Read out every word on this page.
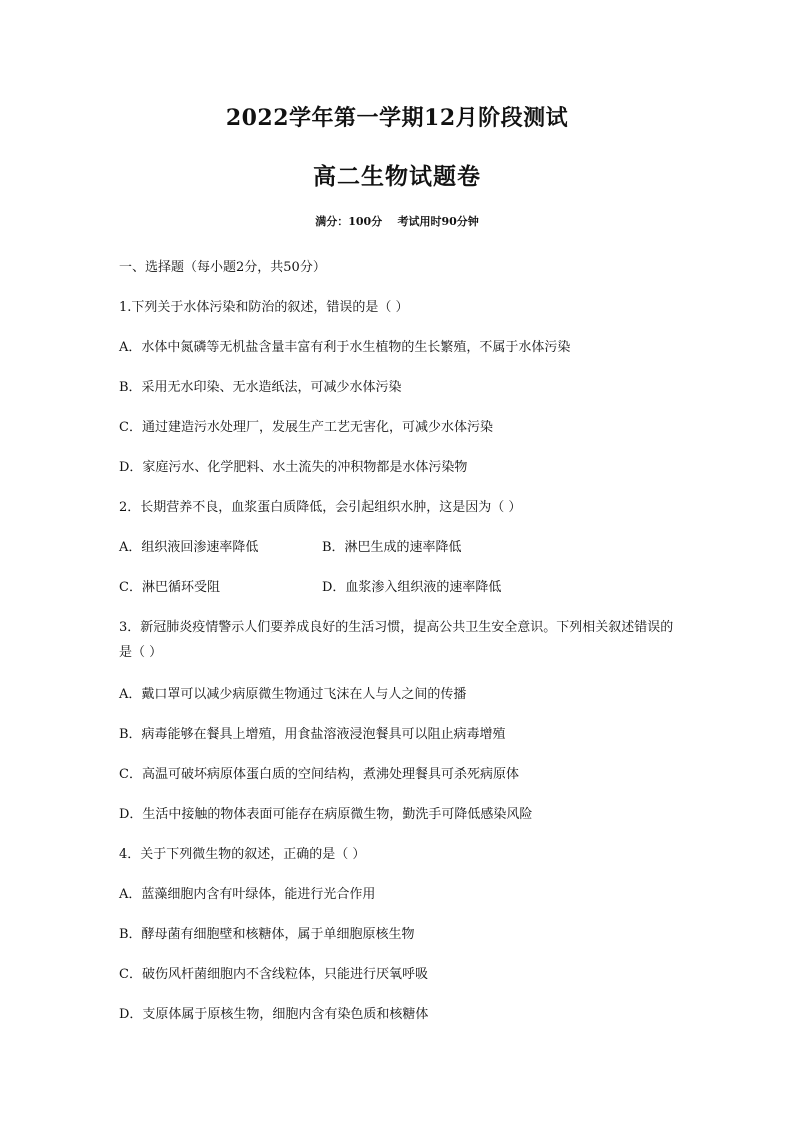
2022学年第一学期12月阶段测试
高二生物试题卷
满分：100分    考试用时90分钟
一、选择题（每小题2分，共50分）
1.下列关于水体污染和防治的叙述，错误的是（ ）
A．水体中氮磷等无机盐含量丰富有利于水生植物的生长繁殖，不属于水体污染
B．采用无水印染、无水造纸法，可减少水体污染
C．通过建造污水处理厂，发展生产工艺无害化，可减少水体污染
D．家庭污水、化学肥料、水土流失的冲积物都是水体污染物
2．长期营养不良，血浆蛋白质降低，会引起组织水肿，这是因为（ ）
A．组织液回渗速率降低	B．淋巴生成的速率降低
C．淋巴循环受阻	D．血浆渗入组织液的速率降低
3．新冠肺炎疫情警示人们要养成良好的生活习惯，提高公共卫生安全意识。下列相关叙述错误的是（ ）
A．戴口罩可以减少病原微生物通过飞沫在人与人之间的传播
B．病毒能够在餐具上增殖，用食盐溶液浸泡餐具可以阻止病毒增殖
C．高温可破坏病原体蛋白质的空间结构，煮沸处理餐具可杀死病原体
D．生活中接触的物体表面可能存在病原微生物，勤洗手可降低感染风险
4．关于下列微生物的叙述，正确的是（ ）
A．蓝藻细胞内含有叶绿体，能进行光合作用
B．酵母菌有细胞壁和核糖体，属于单细胞原核生物
C．破伤风杆菌细胞内不含线粒体，只能进行厌氧呼吸
D．支原体属于原核生物，细胞内含有染色质和核糖体
